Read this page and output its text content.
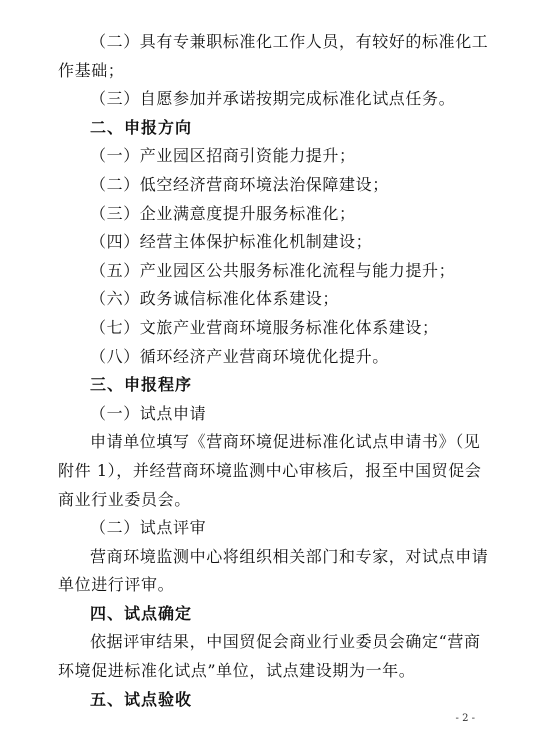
（二）具有专兼职标准化工作人员，有较好的标准化工
作基础；
（三）自愿参加并承诺按期完成标准化试点任务。
二、申报方向
（一）产业园区招商引资能力提升；
（二）低空经济营商环境法治保障建设；
（三）企业满意度提升服务标准化；
（四）经营主体保护标准化机制建设；
（五）产业园区公共服务标准化流程与能力提升；
（六）政务诚信标准化体系建设；
（七）文旅产业营商环境服务标准化体系建设；
（八）循环经济产业营商环境优化提升。
三、申报程序
（一）试点申请
申请单位填写《营商环境促进标准化试点申请书》（见
附件 1），并经营商环境监测中心审核后，报至中国贸促会
商业行业委员会。
（二）试点评审
营商环境监测中心将组织相关部门和专家，对试点申请
单位进行评审。
四、试点确定
依据评审结果，中国贸促会商业行业委员会确定“营商
环境促进标准化试点”单位，试点建设期为一年。
五、试点验收
- 2 -
